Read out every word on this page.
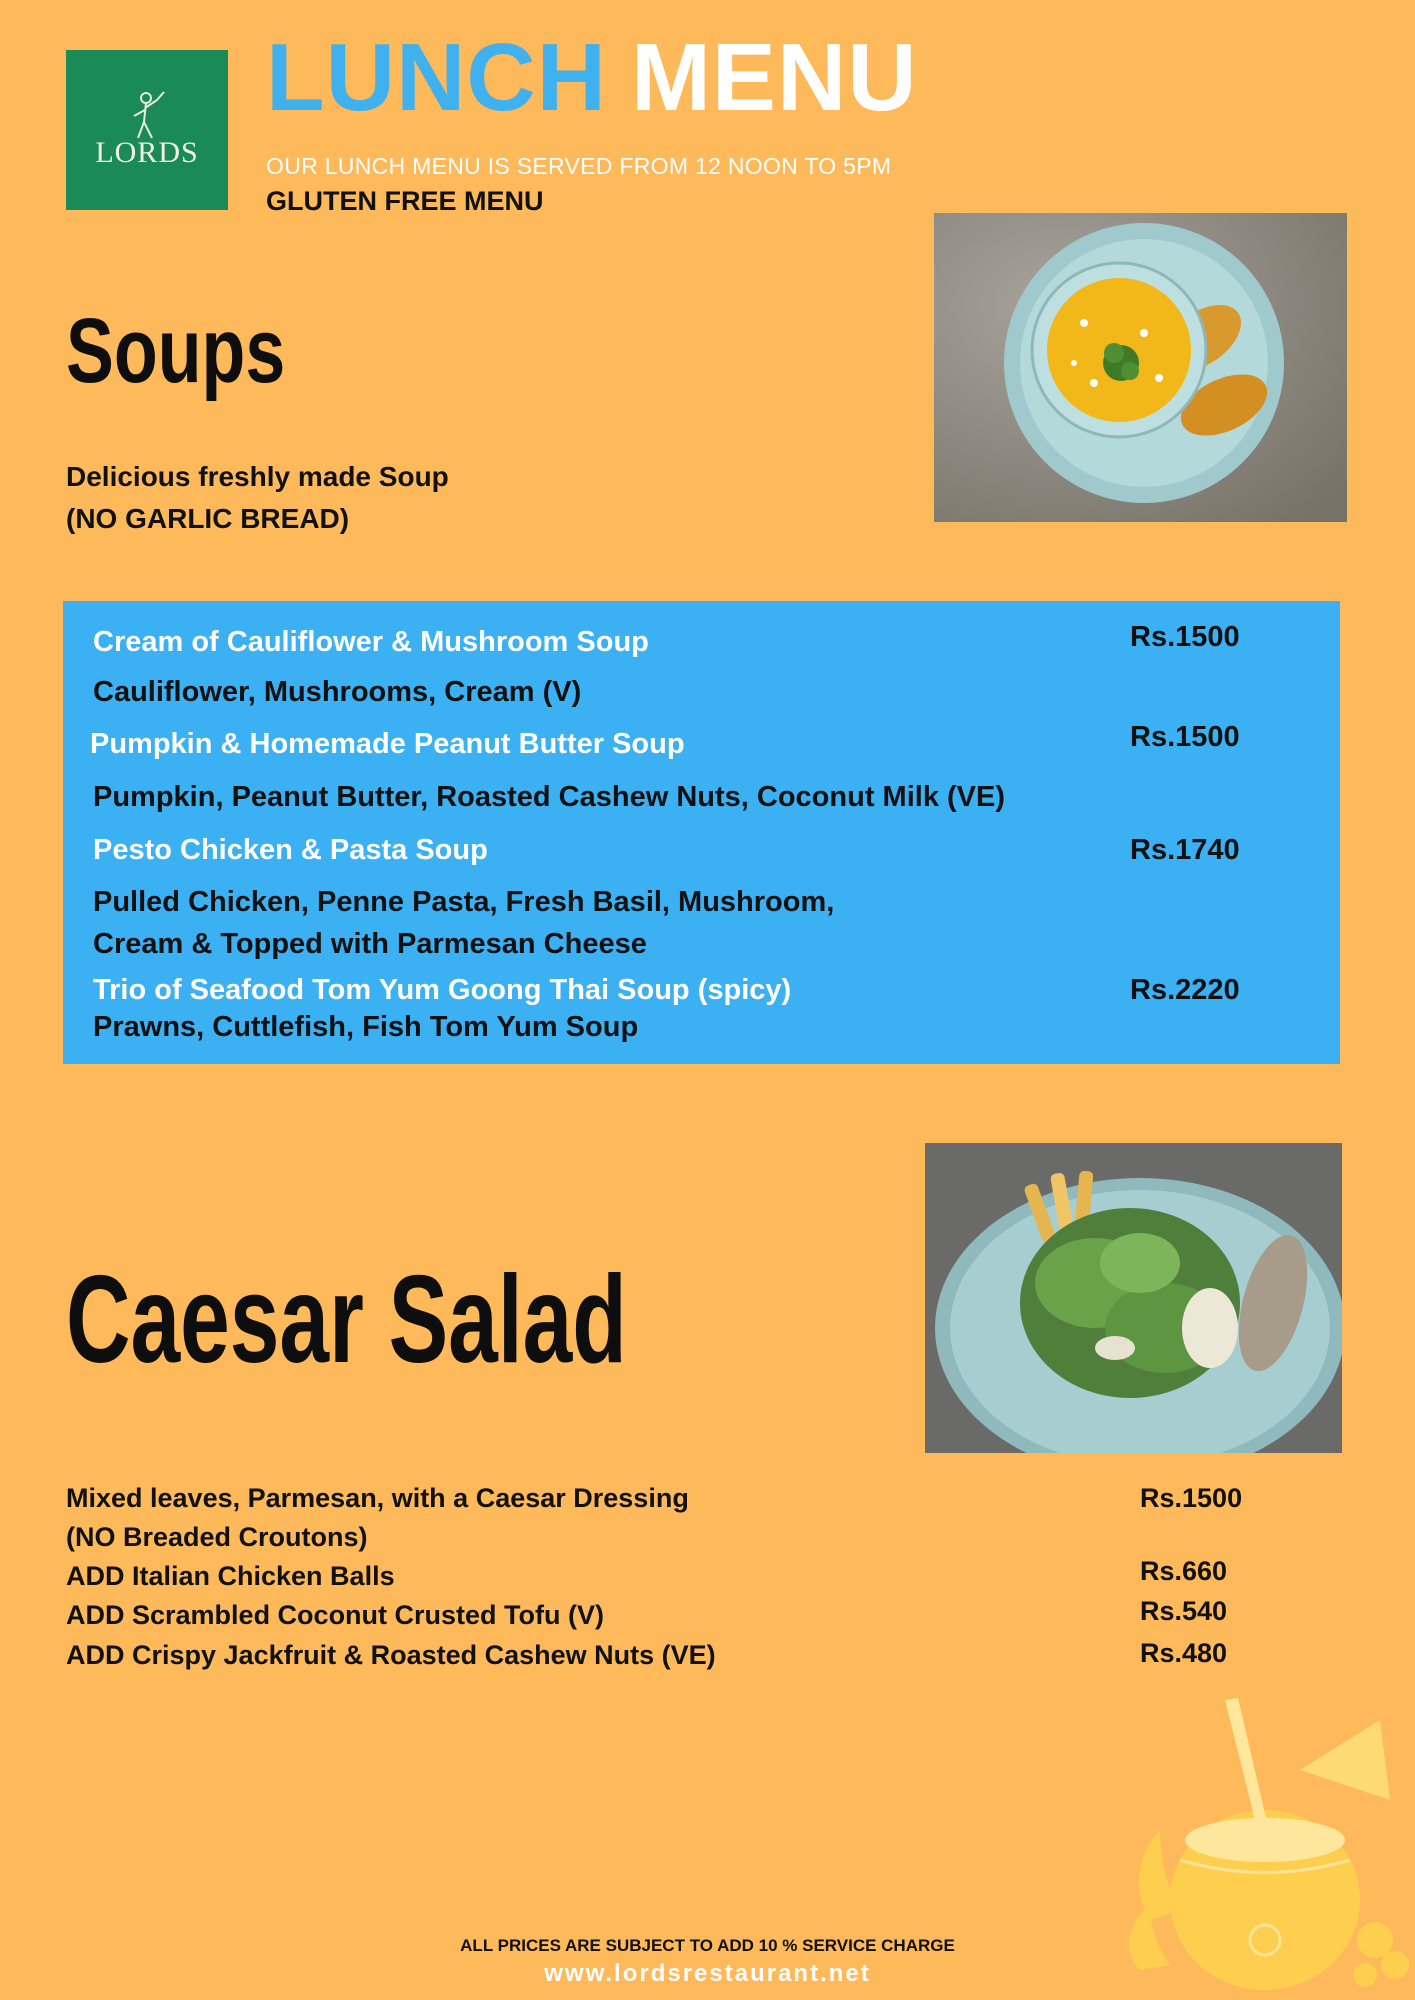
LORDS
LUNCH MENU
OUR LUNCH MENU IS SERVED FROM 12 NOON TO 5PM
GLUTEN FREE MENU
Soups
Delicious freshly made Soup
(NO GARLIC BREAD)
Cream of Cauliflower & Mushroom Soup	Rs.1500
Cauliflower, Mushrooms, Cream (V)
Pumpkin & Homemade Peanut Butter Soup	Rs.1500
Pumpkin, Peanut Butter, Roasted Cashew Nuts, Coconut Milk (VE)
Pesto Chicken & Pasta Soup	Rs.1740
Pulled Chicken, Penne Pasta, Fresh Basil, Mushroom,
Cream & Topped with Parmesan Cheese
Trio of Seafood Tom Yum Goong Thai Soup (spicy)	Rs.2220
Prawns, Cuttlefish, Fish Tom Yum Soup
Caesar Salad
Mixed leaves, Parmesan, with a Caesar Dressing	Rs.1500
(NO Breaded Croutons)
ADD Italian Chicken Balls	Rs.660
ADD Scrambled Coconut Crusted Tofu (V)	Rs.540
ADD Crispy Jackfruit & Roasted Cashew Nuts (VE)	Rs.480
ALL PRICES ARE SUBJECT TO ADD 10 % SERVICE CHARGE
www.lordsrestaurant.net
